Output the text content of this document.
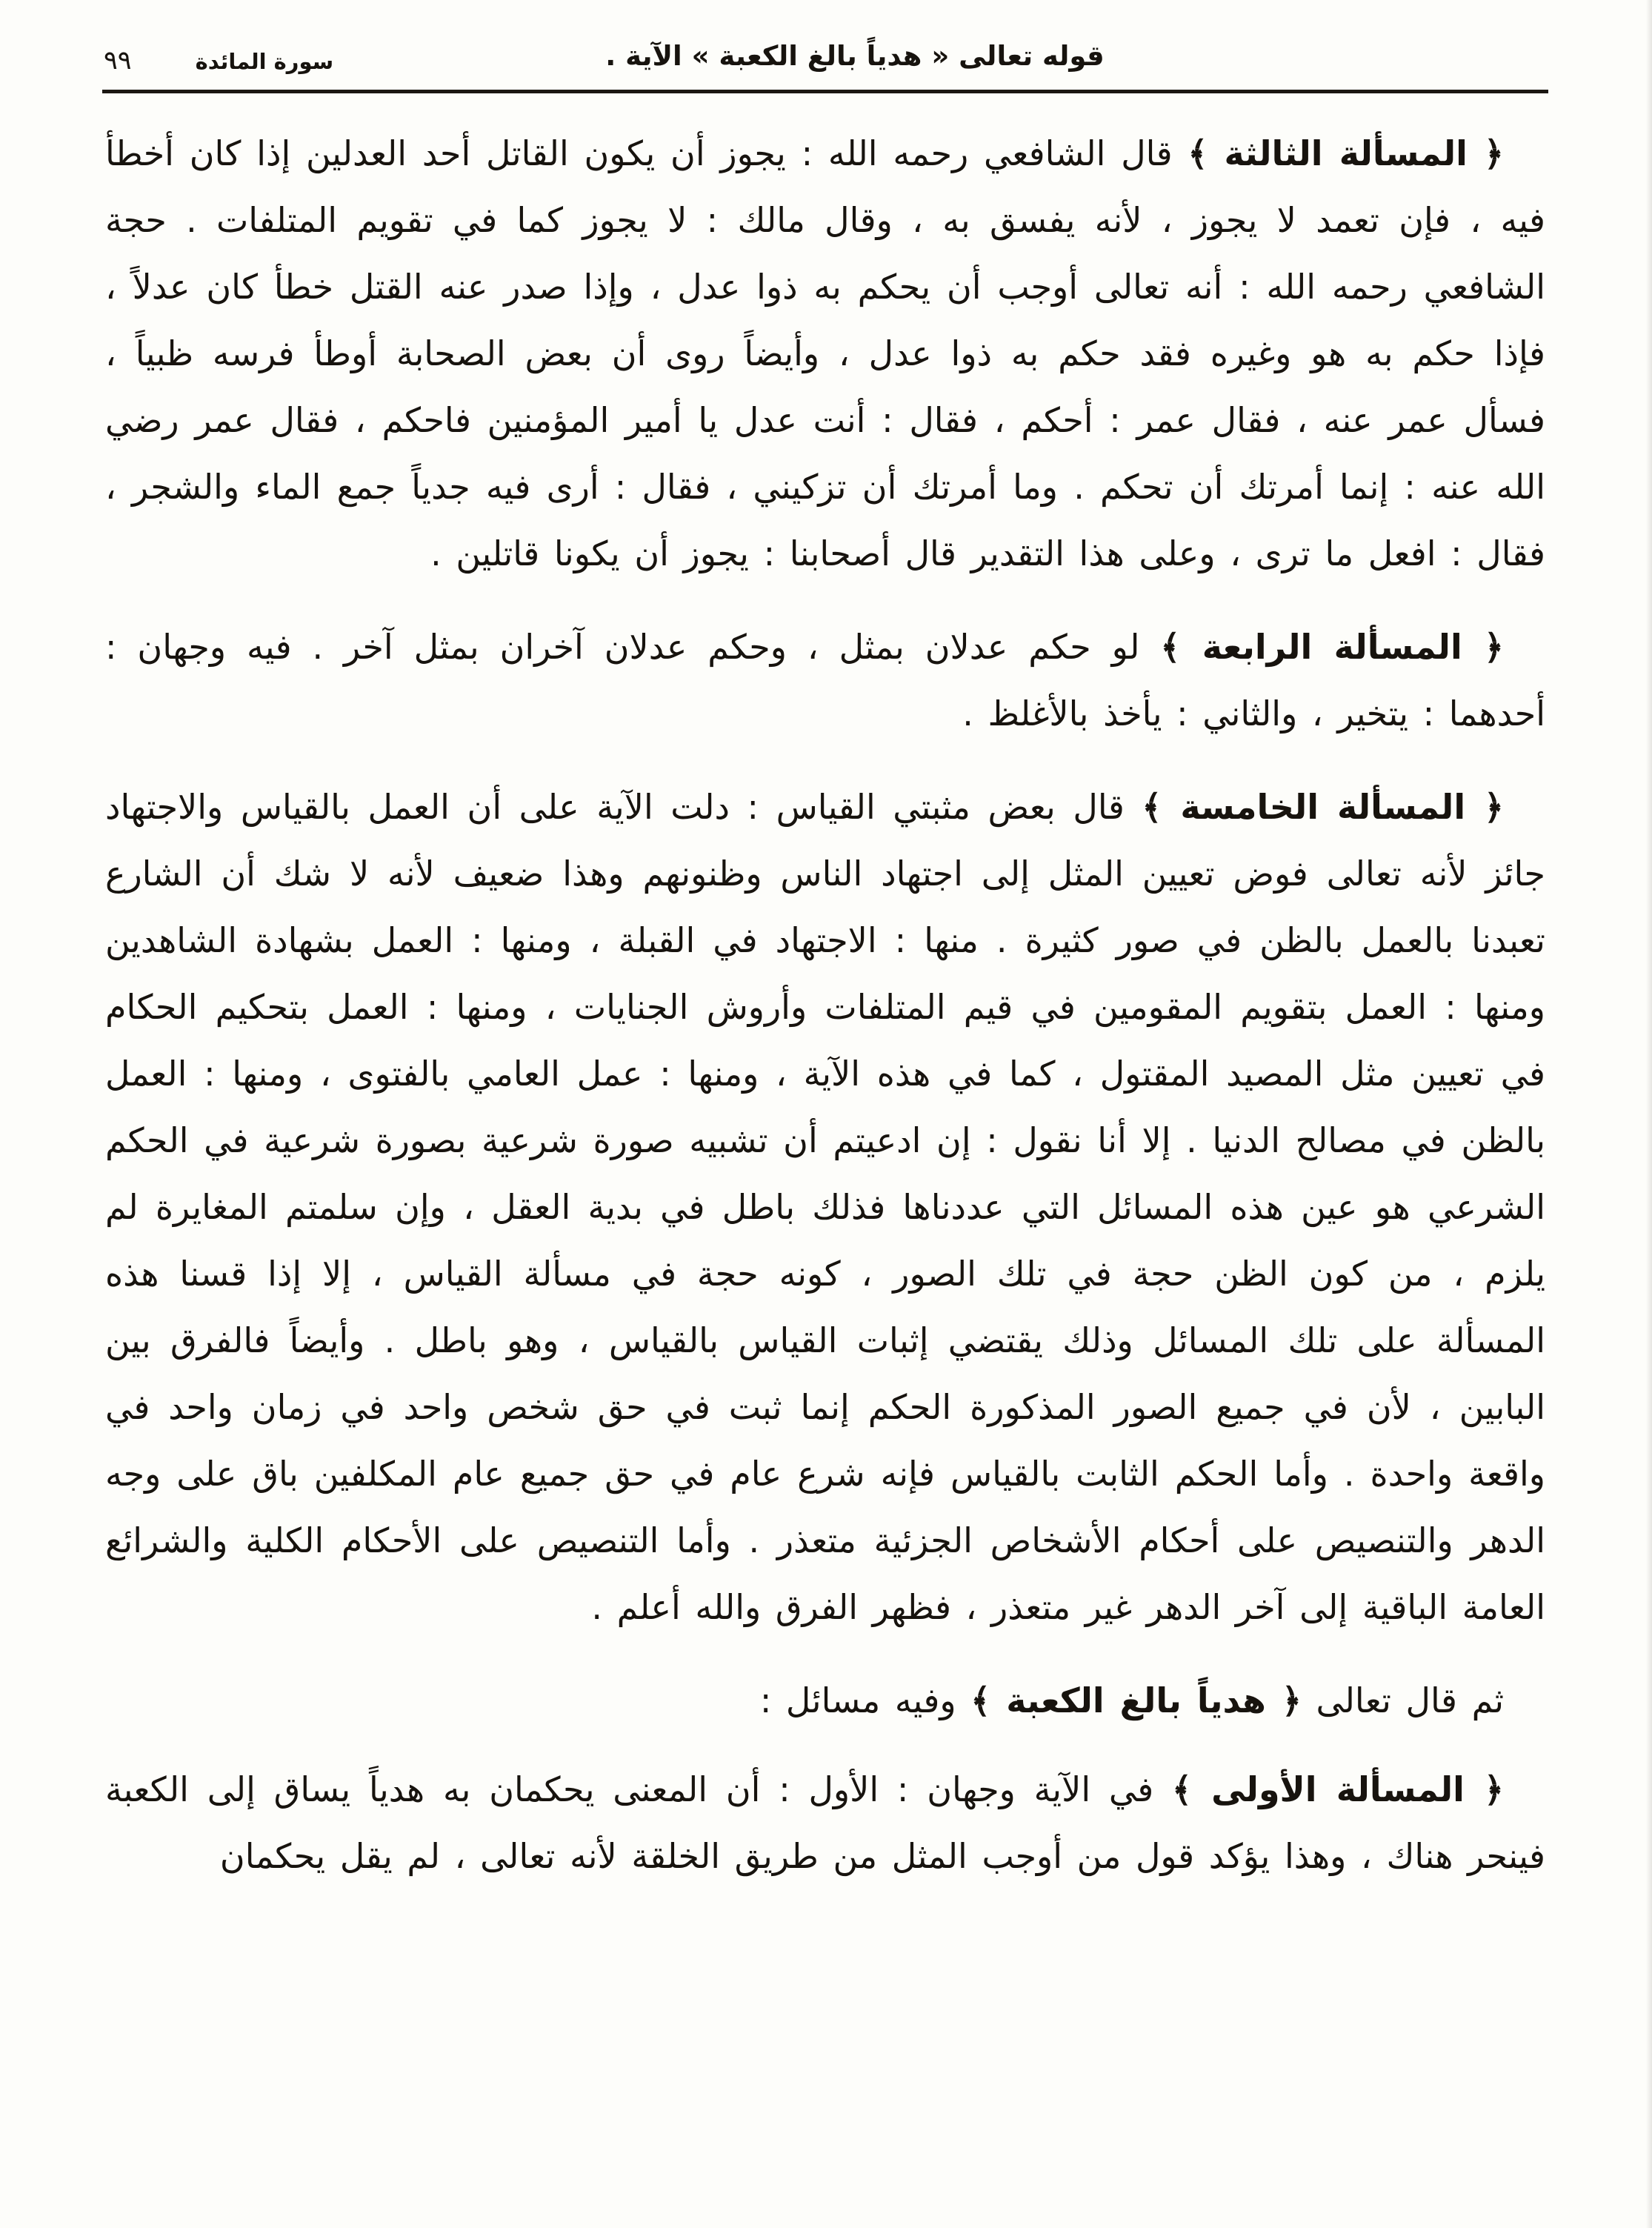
٩٩	سورة المائدة	قوله تعالى « هدياً بالغ الكعبة » الآية .

﴿ المسألة الثالثة ﴾ قال الشافعي رحمه الله : يجوز أن يكون القاتل أحد العدلين إذا كان أخطأ فيه ، فإن تعمد لا يجوز ، لأنه يفسق به ، وقال مالك : لا يجوز كما في تقويم المتلفات . حجة الشافعي رحمه الله : أنه تعالى أوجب أن يحكم به ذوا عدل ، وإذا صدر عنه القتل خطأ كان عدلاً ، فإذا حكم به هو وغيره فقد حكم به ذوا عدل ، وأيضاً روى أن بعض الصحابة أوطأ فرسه ظبياً ، فسأل عمر عنه ، فقال عمر : أحكم ، فقال : أنت عدل يا أمير المؤمنين فاحكم ، فقال عمر رضي الله عنه : إنما أمرتك أن تحكم . وما أمرتك أن تزكيني ، فقال : أرى فيه جدياً جمع الماء والشجر ، فقال : افعل ما ترى ، وعلى هذا التقدير قال أصحابنا : يجوز أن يكونا قاتلين .

﴿ المسألة الرابعة ﴾ لو حكم عدلان بمثل ، وحكم عدلان آخران بمثل آخر . فيه وجهان : أحدهما : يتخير ، والثاني : يأخذ بالأغلظ .

﴿ المسألة الخامسة ﴾ قال بعض مثبتي القياس : دلت الآية على أن العمل بالقياس والاجتهاد جائز لأنه تعالى فوض تعيين المثل إلى اجتهاد الناس وظنونهم وهذا ضعيف لأنه لا شك أن الشارع تعبدنا بالعمل بالظن في صور كثيرة . منها : الاجتهاد في القبلة ، ومنها : العمل بشهادة الشاهدين ومنها : العمل بتقويم المقومين في قيم المتلفات وأروش الجنايات ، ومنها : العمل بتحكيم الحكام في تعيين مثل المصيد المقتول ، كما في هذه الآية ، ومنها : عمل العامي بالفتوى ، ومنها : العمل بالظن في مصالح الدنيا . إلا أنا نقول : إن ادعيتم أن تشبيه صورة شرعية بصورة شرعية في الحكم الشرعي هو عين هذه المسائل التي عددناها فذلك باطل في بدية العقل ، وإن سلمتم المغايرة لم يلزم ، من كون الظن حجة في تلك الصور ، كونه حجة في مسألة القياس ، إلا إذا قسنا هذه المسألة على تلك المسائل وذلك يقتضي إثبات القياس بالقياس ، وهو باطل . وأيضاً فالفرق بين البابين ، لأن في جميع الصور المذكورة الحكم إنما ثبت في حق شخص واحد في زمان واحد في واقعة واحدة . وأما الحكم الثابت بالقياس فإنه شرع عام في حق جميع عام المكلفين باق على وجه الدهر والتنصيص على أحكام الأشخاص الجزئية متعذر . وأما التنصيص على الأحكام الكلية والشرائع العامة الباقية إلى آخر الدهر غير متعذر ، فظهر الفرق والله أعلم .

ثم قال تعالى ﴿ هدياً بالغ الكعبة ﴾ وفيه مسائل :

﴿ المسألة الأولى ﴾ في الآية وجهان : الأول : أن المعنى يحكمان به هدياً يساق إلى الكعبة فينحر هناك ، وهذا يؤكد قول من أوجب المثل من طريق الخلقة لأنه تعالى ، لم يقل يحكمان
